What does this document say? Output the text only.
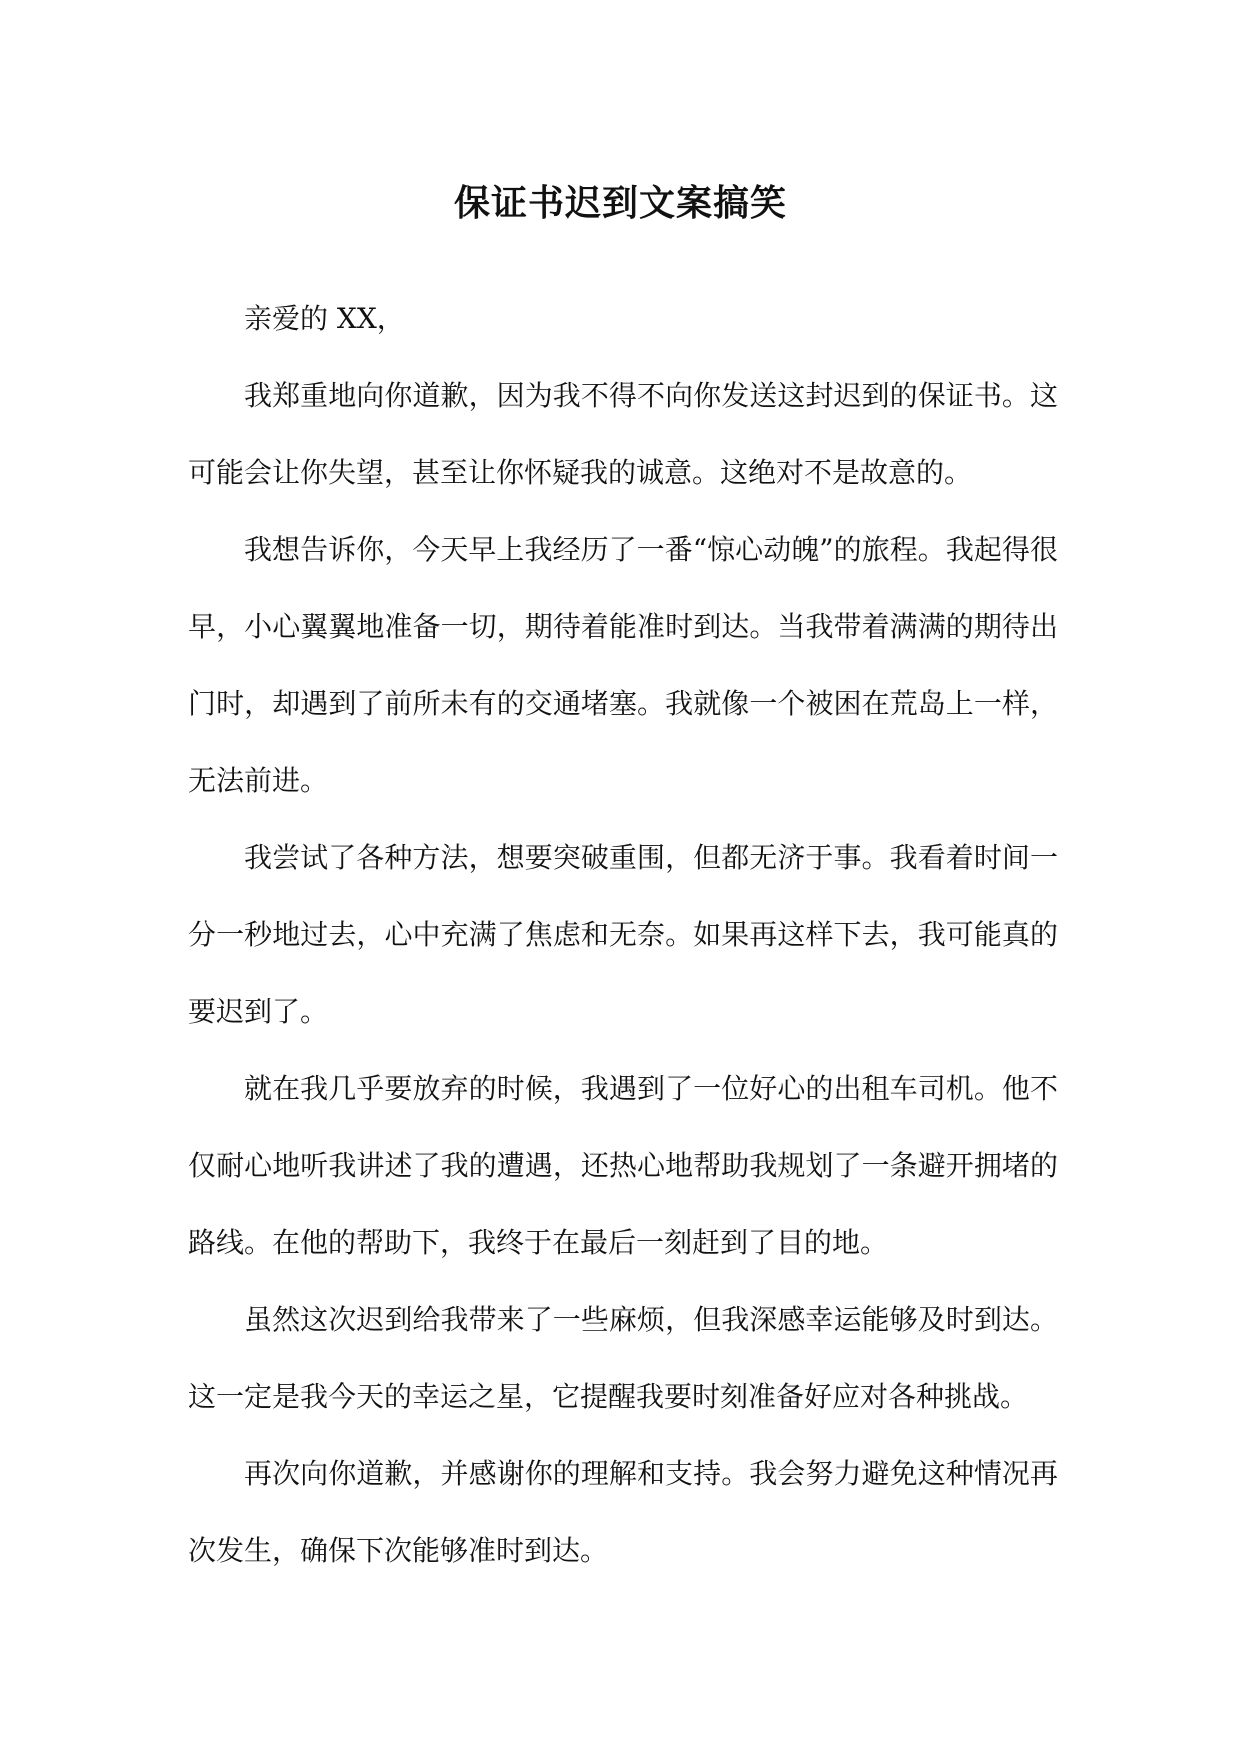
保证书迟到文案搞笑

亲爱的 XX，

我郑重地向你道歉，因为我不得不向你发送这封迟到的保证书。这可能会让你失望，甚至让你怀疑我的诚意。这绝对不是故意的。

我想告诉你，今天早上我经历了一番“惊心动魄”的旅程。我起得很早，小心翼翼地准备一切，期待着能准时到达。当我带着满满的期待出门时，却遇到了前所未有的交通堵塞。我就像一个被困在荒岛上一样，无法前进。

我尝试了各种方法，想要突破重围，但都无济于事。我看着时间一分一秒地过去，心中充满了焦虑和无奈。如果再这样下去，我可能真的要迟到了。

就在我几乎要放弃的时候，我遇到了一位好心的出租车司机。他不仅耐心地听我讲述了我的遭遇，还热心地帮助我规划了一条避开拥堵的路线。在他的帮助下，我终于在最后一刻赶到了目的地。

虽然这次迟到给我带来了一些麻烦，但我深感幸运能够及时到达。这一定是我今天的幸运之星，它提醒我要时刻准备好应对各种挑战。

再次向你道歉，并感谢你的理解和支持。我会努力避免这种情况再次发生，确保下次能够准时到达。
